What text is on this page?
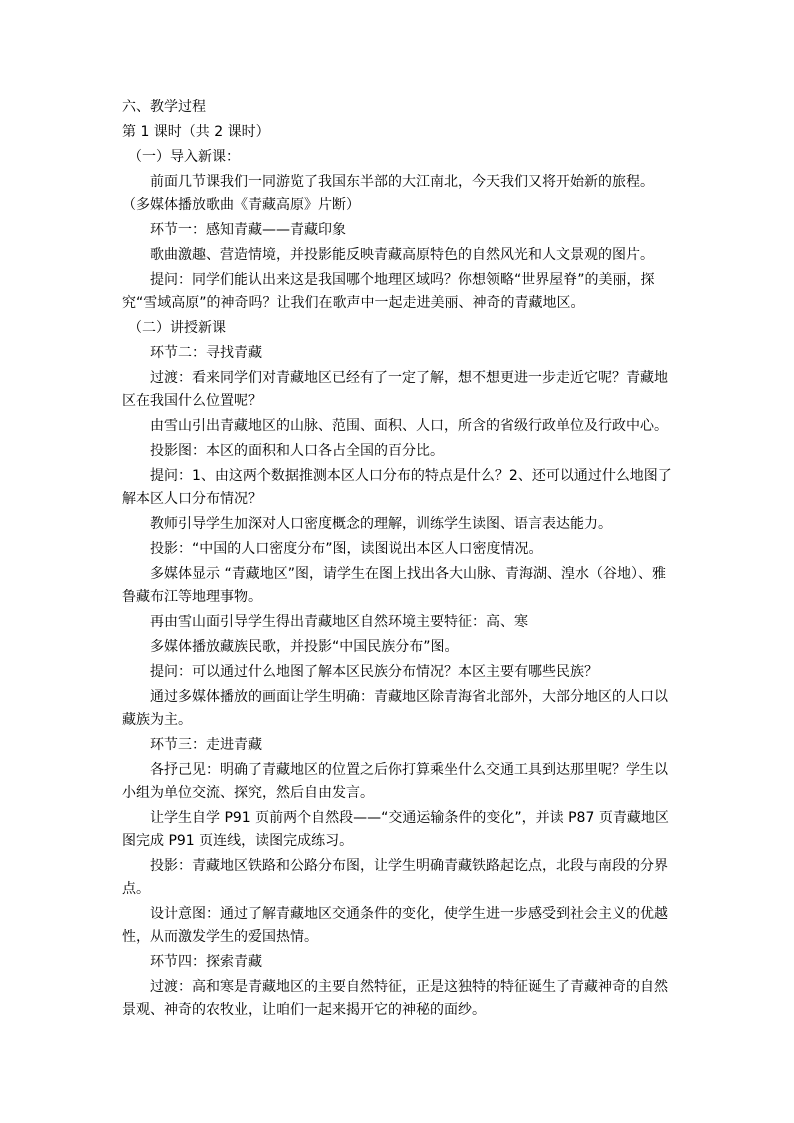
六、教学过程

第 1 课时（共 2 课时）

（一）导入新课：

前面几节课我们一同游览了我国东半部的大江南北，今天我们又将开始新的旅程。（多媒体播放歌曲《青藏高原》片断）

环节一：感知青藏——青藏印象

歌曲激趣、营造情境，并投影能反映青藏高原特色的自然风光和人文景观的图片。

提问：同学们能认出来这是我国哪个地理区域吗？你想领略“世界屋脊”的美丽，探究“雪域高原”的神奇吗？让我们在歌声中一起走进美丽、神奇的青藏地区。

（二）讲授新课

环节二：寻找青藏

过渡：看来同学们对青藏地区已经有了一定了解，想不想更进一步走近它呢？青藏地区在我国什么位置呢？

由雪山引出青藏地区的山脉、范围、面积、人口，所含的省级行政单位及行政中心。

投影图：本区的面积和人口各占全国的百分比。

提问：1、由这两个数据推测本区人口分布的特点是什么？2、还可以通过什么地图了解本区人口分布情况？

教师引导学生加深对人口密度概念的理解，训练学生读图、语言表达能力。

投影：“中国的人口密度分布”图，读图说出本区人口密度情况。

多媒体显示 “青藏地区”图，请学生在图上找出各大山脉、青海湖、湟水（谷地）、雅鲁藏布江等地理事物。

再由雪山面引导学生得出青藏地区自然环境主要特征：高、寒

多媒体播放藏族民歌，并投影“中国民族分布”图。

提问：可以通过什么地图了解本区民族分布情况？本区主要有哪些民族？

通过多媒体播放的画面让学生明确：青藏地区除青海省北部外，大部分地区的人口以藏族为主。

环节三：走进青藏

各抒己见：明确了青藏地区的位置之后你打算乘坐什么交通工具到达那里呢？学生以小组为单位交流、探究，然后自由发言。

让学生自学 P91 页前两个自然段——“交通运输条件的变化”，并读 P87 页青藏地区图完成 P91 页连线，读图完成练习。

投影：青藏地区铁路和公路分布图，让学生明确青藏铁路起讫点，北段与南段的分界点。

设计意图：通过了解青藏地区交通条件的变化，使学生进一步感受到社会主义的优越性，从而激发学生的爱国热情。

环节四：探索青藏

过渡：高和寒是青藏地区的主要自然特征，正是这独特的特征诞生了青藏神奇的自然景观、神奇的农牧业，让咱们一起来揭开它的神秘的面纱。
